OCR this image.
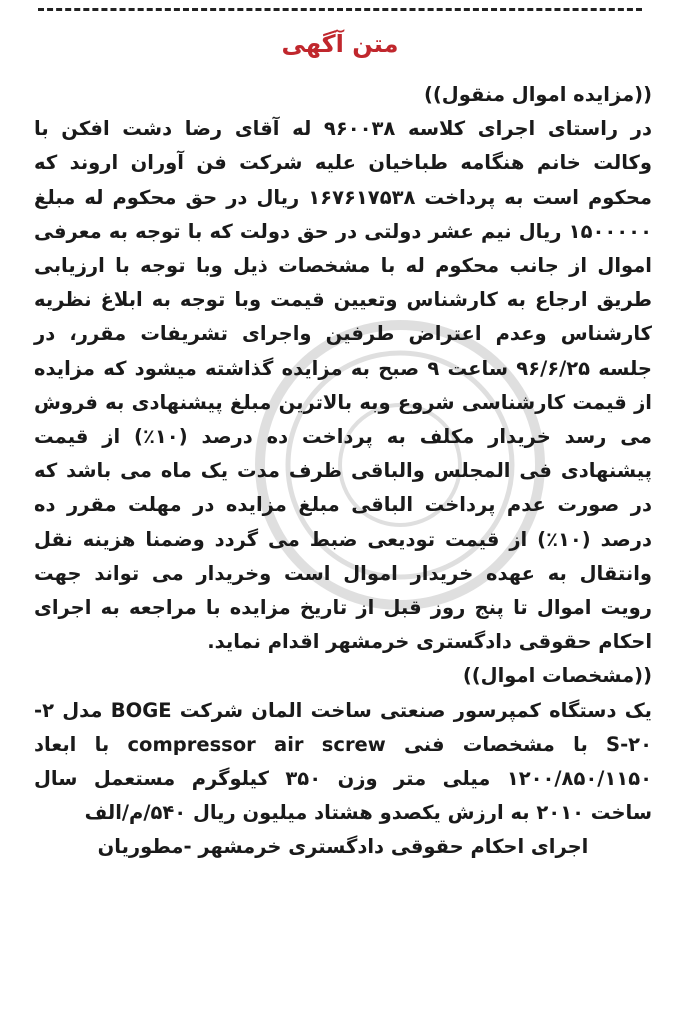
متن آگهی

((مزایده اموال منقول))

در راستای اجرای کلاسه ۹۶۰۰۳۸ له آقای رضا دشت افکن با وکالت خانم هنگامه طباخیان علیه شرکت فن آوران اروند که محکوم است به پرداخت ۱۶۷۶۱۷۵۳۸ ریال در حق محکوم له مبلغ ۱۵۰۰۰۰۰ ریال نیم عشر دولتی در حق دولت که با توجه به معرفی اموال از جانب محکوم له با مشخصات ذیل وبا توجه با ارزیابی طریق ارجاع به کارشناس وتعیین قیمت وبا توجه به ابلاغ نظریه کارشناس وعدم اعتراض طرفین واجرای تشریفات مقرر، در جلسه ۹۶/۶/۲۵ ساعت ۹ صبح به مزایده گذاشته میشود که مزایده از قیمت کارشناسی شروع وبه بالاترین مبلغ پیشنهادی به فروش می رسد خریدار مکلف به پرداخت ده درصد (۱۰٪) از قیمت پیشنهادی فی المجلس والباقی ظرف مدت یک ماه می باشد که در صورت عدم پرداخت الباقی مبلغ مزایده در مهلت مقرر ده درصد (۱۰٪) از قیمت تودیعی ضبط می گردد وضمنا هزینه نقل وانتقال به عهده خریدار اموال است وخریدار می تواند جهت رویت اموال تا پنج روز قبل از تاریخ مزایده با مراجعه به اجرای احکام حقوقی دادگستری خرمشهر اقدام نماید.

((مشخصات اموال))

یک دستگاه کمپرسور صنعتی ساخت المان شرکت BOGE مدل ۲-S-۲۰ با مشخصات فنی compressor air screw با ابعاد ۱۲۰۰/۸۵۰/۱۱۵۰ میلی متر وزن ۳۵۰ کیلوگرم مستعمل سال ساخت ۲۰۱۰ به ارزش یکصدو هشتاد میلیون ریال ۵۴۰/م/الف

اجرای احکام حقوقی دادگستری خرمشهر -مطوریان
